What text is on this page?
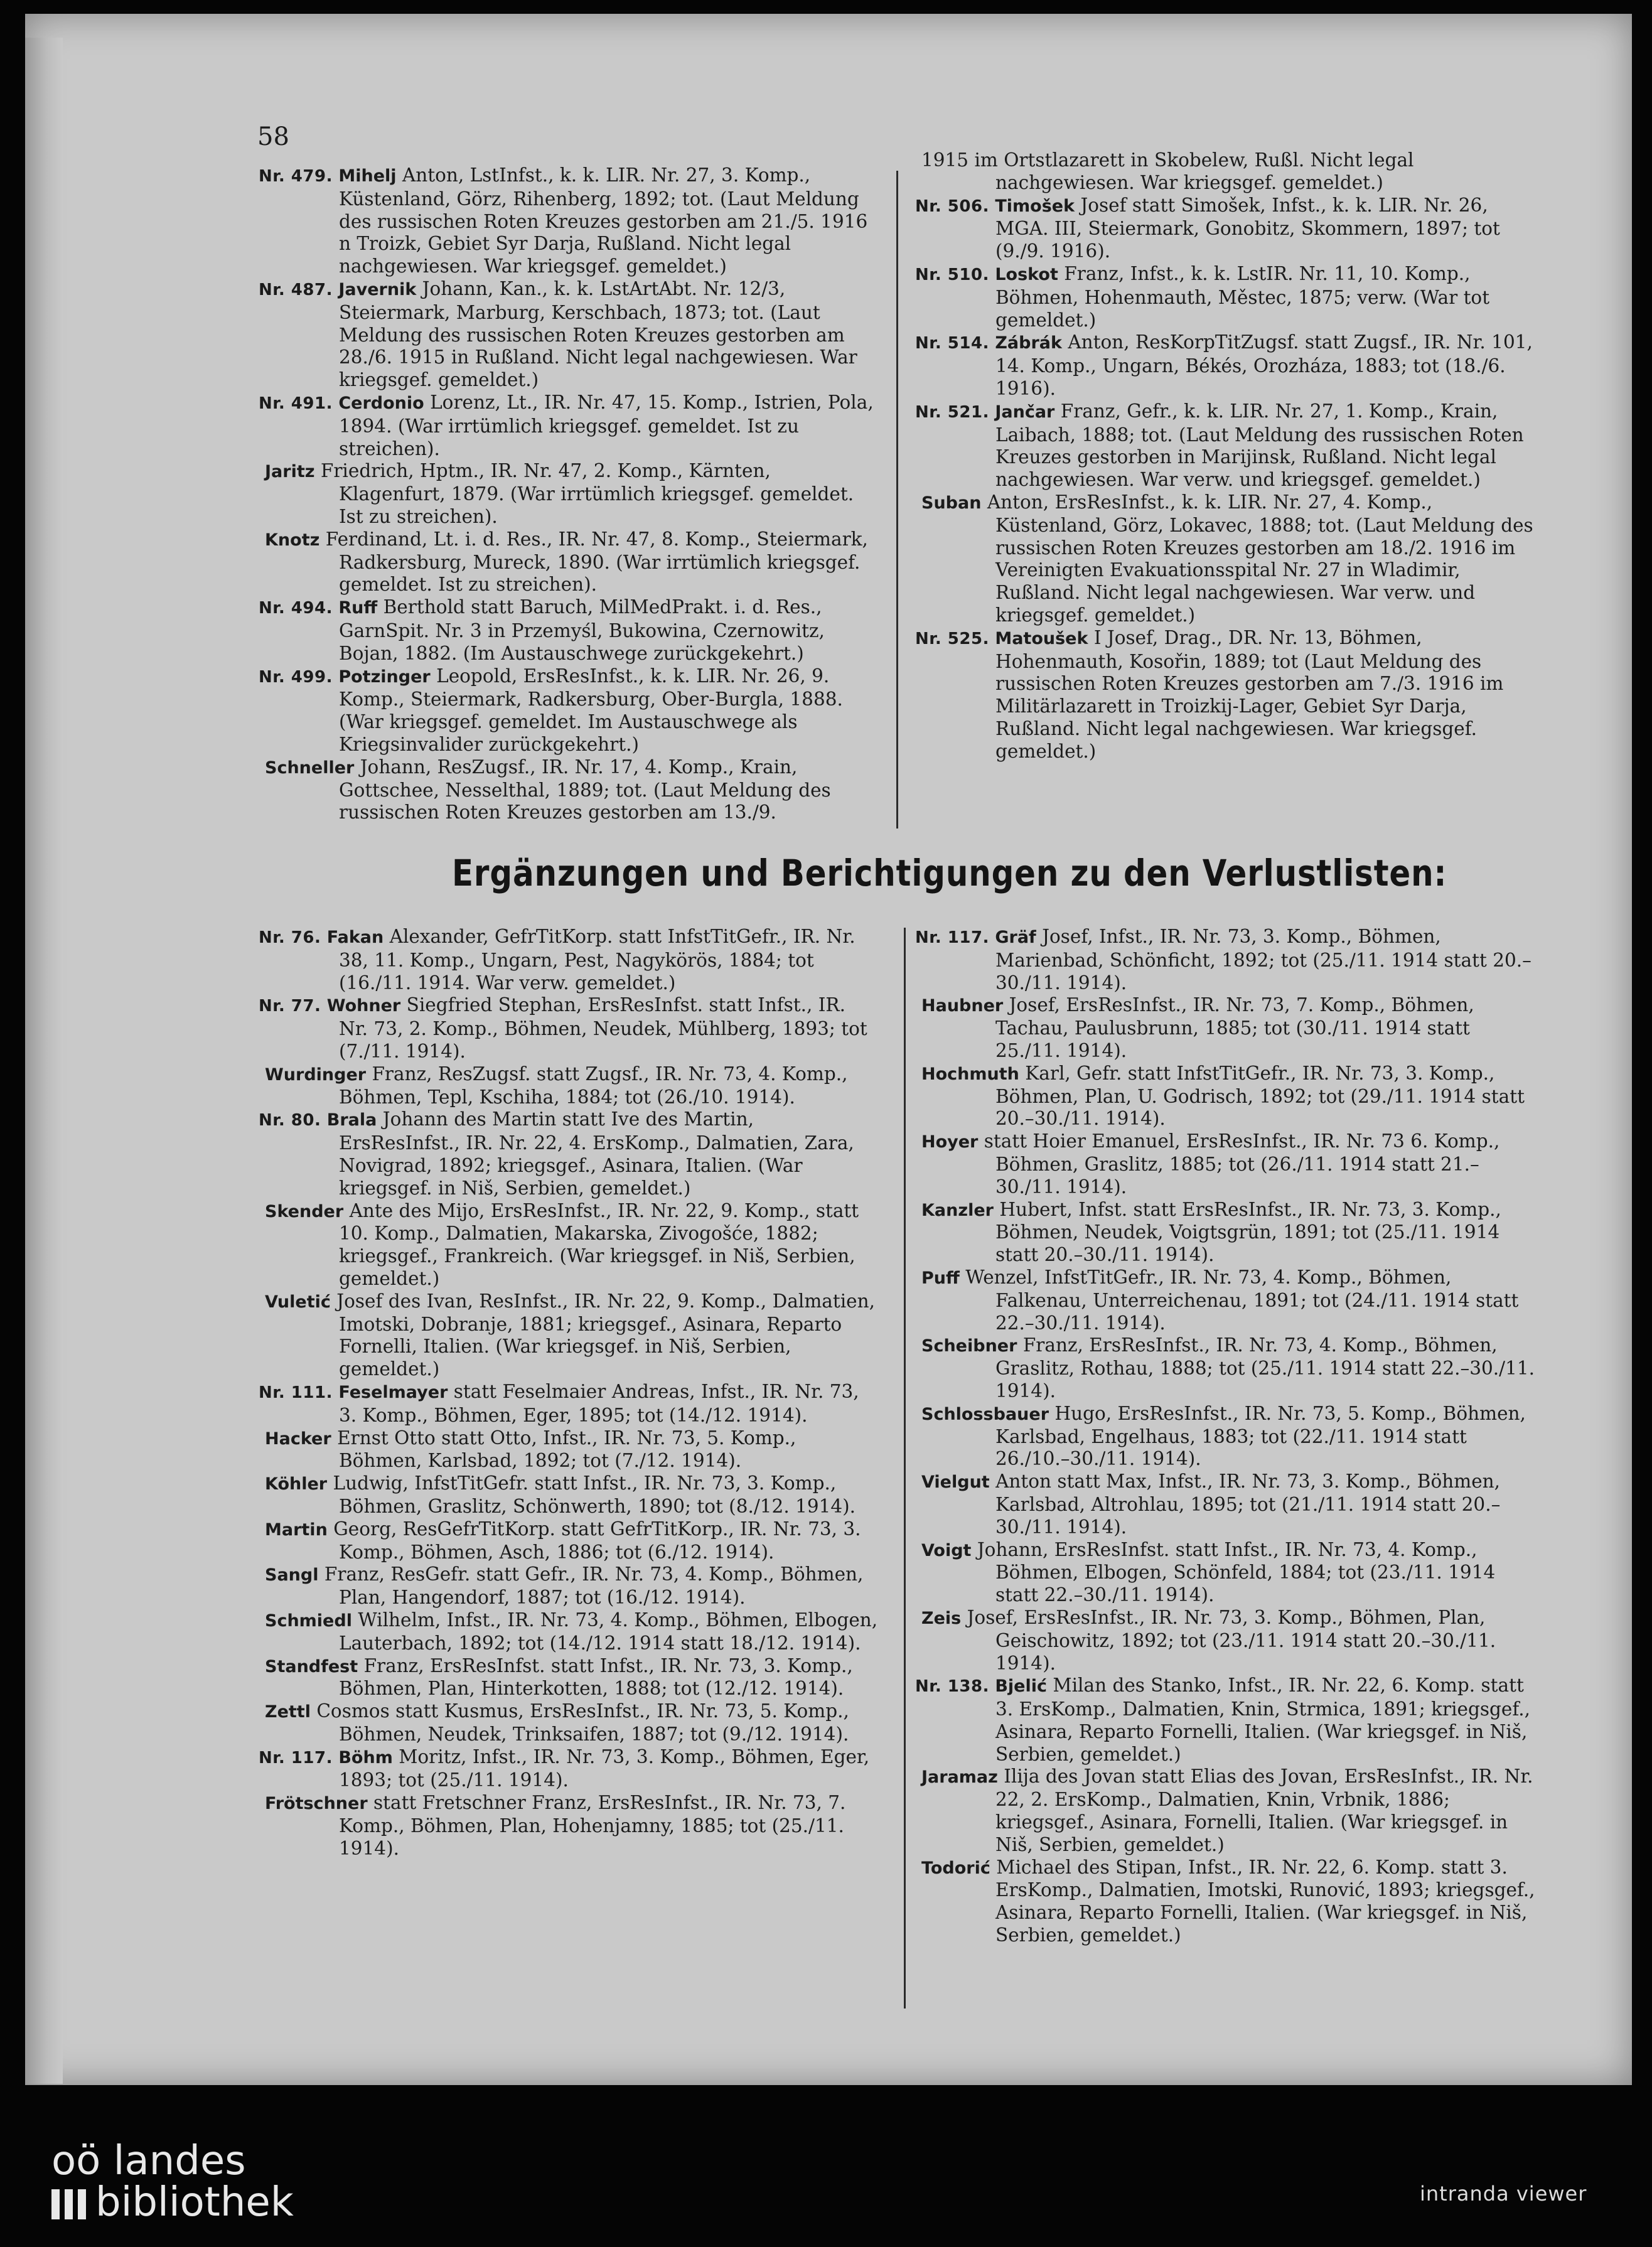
58
Nr. 479. Mihelj Anton, LstInfst., k. k. LIR. Nr. 27, 3. Komp., Küstenland, Görz, Rihenberg, 1892; tot. (Laut Meldung des russischen Roten Kreuzes gestorben am 21./5. 1916 n Troizk, Gebiet Syr Darja, Rußland. Nicht legal nachgewiesen. War kriegsgef. gemeldet.)
Nr. 487. Javernik Johann, Kan., k. k. LstArtAbt. Nr. 12/3, Steiermark, Marburg, Kerschbach, 1873; tot. (Laut Meldung des russischen Roten Kreuzes gestorben am 28./6. 1915 in Rußland. Nicht legal nachgewiesen. War kriegsgef. gemeldet.)
Nr. 491. Cerdonio Lorenz, Lt., IR. Nr. 47, 15. Komp., Istrien, Pola, 1894. (War irrtümlich kriegsgef. gemeldet. Ist zu streichen).
Jaritz Friedrich, Hptm., IR. Nr. 47, 2. Komp., Kärnten, Klagenfurt, 1879. (War irrtümlich kriegsgef. gemeldet. Ist zu streichen).
Knotz Ferdinand, Lt. i. d. Res., IR. Nr. 47, 8. Komp., Steiermark, Radkersburg, Mureck, 1890. (War irrtümlich kriegsgef. gemeldet. Ist zu streichen).
Nr. 494. Ruff Berthold statt Baruch, MilMedPrakt. i. d. Res., GarnSpit. Nr. 3 in Przemyśl, Bukowina, Czernowitz, Bojan, 1882. (Im Austauschwege zurückgekehrt.)
Nr. 499. Potzinger Leopold, ErsResInfst., k. k. LIR. Nr. 26, 9. Komp., Steiermark, Radkersburg, Ober-Burgla, 1888. (War kriegsgef. gemeldet. Im Austauschwege als Kriegsinvalider zurückgekehrt.)
Schneller Johann, ResZugsf., IR. Nr. 17, 4. Komp., Krain, Gottschee, Nesselthal, 1889; tot. (Laut Meldung des russischen Roten Kreuzes gestorben am 13./9.
1915 im Ortstlazarett in Skobelew, Rußl. Nicht legal nachgewiesen. War kriegsgef. gemeldet.)
Nr. 506. Timošek Josef statt Simošek, Infst., k. k. LIR. Nr. 26, MGA. III, Steiermark, Gonobitz, Skommern, 1897; tot (9./9. 1916).
Nr. 510. Loskot Franz, Infst., k. k. LstIR. Nr. 11, 10. Komp., Böhmen, Hohenmauth, Městec, 1875; verw. (War tot gemeldet.)
Nr. 514. Zábrák Anton, ResKorpTitZugsf. statt Zugsf., IR. Nr. 101, 14. Komp., Ungarn, Békés, Orozháza, 1883; tot (18./6. 1916).
Nr. 521. Jančar Franz, Gefr., k. k. LIR. Nr. 27, 1. Komp., Krain, Laibach, 1888; tot. (Laut Meldung des russischen Roten Kreuzes gestorben in Marijinsk, Rußland. Nicht legal nachgewiesen. War verw. und kriegsgef. gemeldet.)
Suban Anton, ErsResInfst., k. k. LIR. Nr. 27, 4. Komp., Küstenland, Görz, Lokavec, 1888; tot. (Laut Meldung des russischen Roten Kreuzes gestorben am 18./2. 1916 im Vereinigten Evakuationsspital Nr. 27 in Wladimir, Rußland. Nicht legal nachgewiesen. War verw. und kriegsgef. gemeldet.)
Nr. 525. Matoušek I Josef, Drag., DR. Nr. 13, Böhmen, Hohenmauth, Kosořin, 1889; tot (Laut Meldung des russischen Roten Kreuzes gestorben am 7./3. 1916 im Militärlazarett in Troizkij-Lager, Gebiet Syr Darja, Rußland. Nicht legal nachgewiesen. War kriegsgef. gemeldet.)
Ergänzungen und Berichtigungen zu den Verlustlisten:
Nr. 76. Fakan Alexander, GefrTitKorp. statt InfstTitGefr., IR. Nr. 38, 11. Komp., Ungarn, Pest, Nagykörös, 1884; tot (16./11. 1914. War verw. gemeldet.)
Nr. 77. Wohner Siegfried Stephan, ErsResInfst. statt Infst., IR. Nr. 73, 2. Komp., Böhmen, Neudek, Mühlberg, 1893; tot (7./11. 1914).
Wurdinger Franz, ResZugsf. statt Zugsf., IR. Nr. 73, 4. Komp., Böhmen, Tepl, Kschiha, 1884; tot (26./10. 1914).
Nr. 80. Brala Johann des Martin statt Ive des Martin, ErsResInfst., IR. Nr. 22, 4. ErsKomp., Dalmatien, Zara, Novigrad, 1892; kriegsgef., Asinara, Italien. (War kriegsgef. in Niš, Serbien, gemeldet.)
Skender Ante des Mijo, ErsResInfst., IR. Nr. 22, 9. Komp., statt 10. Komp., Dalmatien, Makarska, Zivogošće, 1882; kriegsgef., Frankreich. (War kriegsgef. in Niš, Serbien, gemeldet.)
Vuletić Josef des Ivan, ResInfst., IR. Nr. 22, 9. Komp., Dalmatien, Imotski, Dobranje, 1881; kriegsgef., Asinara, Reparto Fornelli, Italien. (War kriegsgef. in Niš, Serbien, gemeldet.)
Nr. 111. Feselmayer statt Feselmaier Andreas, Infst., IR. Nr. 73, 3. Komp., Böhmen, Eger, 1895; tot (14./12. 1914).
Hacker Ernst Otto statt Otto, Infst., IR. Nr. 73, 5. Komp., Böhmen, Karlsbad, 1892; tot (7./12. 1914).
Köhler Ludwig, InfstTitGefr. statt Infst., IR. Nr. 73, 3. Komp., Böhmen, Graslitz, Schönwerth, 1890; tot (8./12. 1914).
Martin Georg, ResGefrTitKorp. statt GefrTitKorp., IR. Nr. 73, 3. Komp., Böhmen, Asch, 1886; tot (6./12. 1914).
Sangl Franz, ResGefr. statt Gefr., IR. Nr. 73, 4. Komp., Böhmen, Plan, Hangendorf, 1887; tot (16./12. 1914).
Schmiedl Wilhelm, Infst., IR. Nr. 73, 4. Komp., Böhmen, Elbogen, Lauterbach, 1892; tot (14./12. 1914 statt 18./12. 1914).
Standfest Franz, ErsResInfst. statt Infst., IR. Nr. 73, 3. Komp., Böhmen, Plan, Hinterkotten, 1888; tot (12./12. 1914).
Zettl Cosmos statt Kusmus, ErsResInfst., IR. Nr. 73, 5. Komp., Böhmen, Neudek, Trinksaifen, 1887; tot (9./12. 1914).
Nr. 117. Böhm Moritz, Infst., IR. Nr. 73, 3. Komp., Böhmen, Eger, 1893; tot (25./11. 1914).
Frötschner statt Fretschner Franz, ErsResInfst., IR. Nr. 73, 7. Komp., Böhmen, Plan, Hohenjamny, 1885; tot (25./11. 1914).
Nr. 117. Gräf Josef, Infst., IR. Nr. 73, 3. Komp., Böhmen, Marienbad, Schönficht, 1892; tot (25./11. 1914 statt 20.–30./11. 1914).
Haubner Josef, ErsResInfst., IR. Nr. 73, 7. Komp., Böhmen, Tachau, Paulusbrunn, 1885; tot (30./11. 1914 statt 25./11. 1914).
Hochmuth Karl, Gefr. statt InfstTitGefr., IR. Nr. 73, 3. Komp., Böhmen, Plan, U. Godrisch, 1892; tot (29./11. 1914 statt 20.–30./11. 1914).
Hoyer statt Hoier Emanuel, ErsResInfst., IR. Nr. 73 6. Komp., Böhmen, Graslitz, 1885; tot (26./11. 1914 statt 21.–30./11. 1914).
Kanzler Hubert, Infst. statt ErsResInfst., IR. Nr. 73, 3. Komp., Böhmen, Neudek, Voigtsgrün, 1891; tot (25./11. 1914 statt 20.–30./11. 1914).
Puff Wenzel, InfstTitGefr., IR. Nr. 73, 4. Komp., Böhmen, Falkenau, Unterreichenau, 1891; tot (24./11. 1914 statt 22.–30./11. 1914).
Scheibner Franz, ErsResInfst., IR. Nr. 73, 4. Komp., Böhmen, Graslitz, Rothau, 1888; tot (25./11. 1914 statt 22.–30./11. 1914).
Schlossbauer Hugo, ErsResInfst., IR. Nr. 73, 5. Komp., Böhmen, Karlsbad, Engelhaus, 1883; tot (22./11. 1914 statt 26./10.–30./11. 1914).
Vielgut Anton statt Max, Infst., IR. Nr. 73, 3. Komp., Böhmen, Karlsbad, Altrohlau, 1895; tot (21./11. 1914 statt 20.–30./11. 1914).
Voigt Johann, ErsResInfst. statt Infst., IR. Nr. 73, 4. Komp., Böhmen, Elbogen, Schönfeld, 1884; tot (23./11. 1914 statt 22.–30./11. 1914).
Zeis Josef, ErsResInfst., IR. Nr. 73, 3. Komp., Böhmen, Plan, Geischowitz, 1892; tot (23./11. 1914 statt 20.–30./11. 1914).
Nr. 138. Bjelić Milan des Stanko, Infst., IR. Nr. 22, 6. Komp. statt 3. ErsKomp., Dalmatien, Knin, Strmica, 1891; kriegsgef., Asinara, Reparto Fornelli, Italien. (War kriegsgef. in Niš, Serbien, gemeldet.)
Jaramaz Ilija des Jovan statt Elias des Jovan, ErsResInfst., IR. Nr. 22, 2. ErsKomp., Dalmatien, Knin, Vrbnik, 1886; kriegsgef., Asinara, Fornelli, Italien. (War kriegsgef. in Niš, Serbien, gemeldet.)
Todorić Michael des Stipan, Infst., IR. Nr. 22, 6. Komp. statt 3. ErsKomp., Dalmatien, Imotski, Runović, 1893; kriegsgef., Asinara, Reparto Fornelli, Italien. (War kriegsgef. in Niš, Serbien, gemeldet.)
oö landes
bibliothek	intranda viewer
